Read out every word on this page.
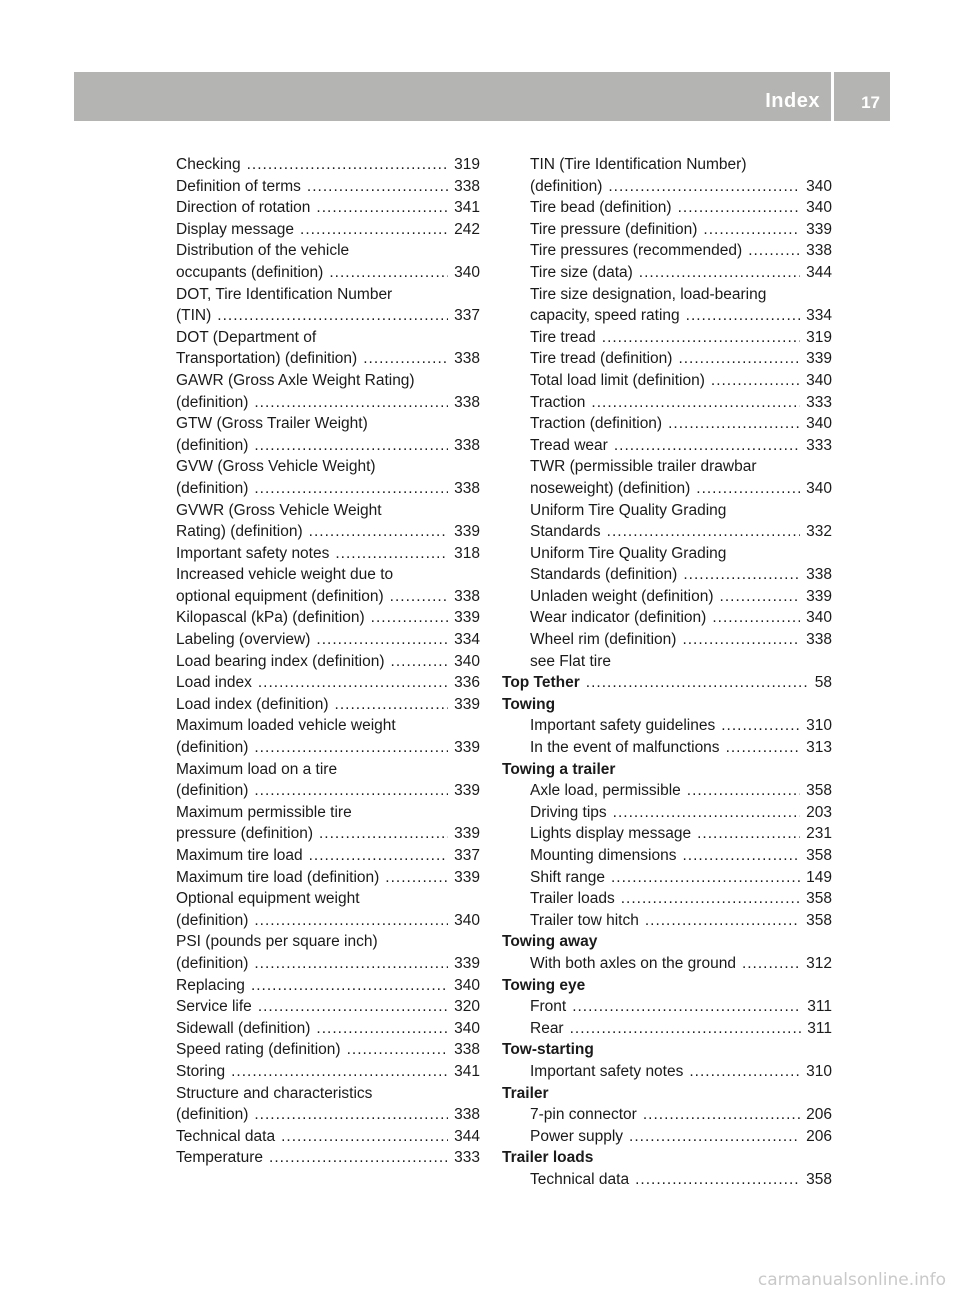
Index 17
Checking .....	319
Definition of terms .....	338
Direction of rotation .....	341
Display message .....	242
Distribution of the vehicle
occupants (definition) .....	340
DOT, Tire Identification Number
(TIN) .....	337
DOT (Department of
Transportation) (definition) .....	338
GAWR (Gross Axle Weight Rating)
(definition) .....	338
GTW (Gross Trailer Weight)
(definition) .....	338
GVW (Gross Vehicle Weight)
(definition) .....	338
GVWR (Gross Vehicle Weight
Rating) (definition) .....	339
Important safety notes .....	318
Increased vehicle weight due to
optional equipment (definition) .....	338
Kilopascal (kPa) (definition) .....	339
Labeling (overview) .....	334
Load bearing index (definition) .....	340
Load index .....	336
Load index (definition) .....	339
Maximum loaded vehicle weight
(definition) .....	339
Maximum load on a tire
(definition) .....	339
Maximum permissible tire
pressure (definition) .....	339
Maximum tire load .....	337
Maximum tire load (definition) .....	339
Optional equipment weight
(definition) .....	340
PSI (pounds per square inch)
(definition) .....	339
Replacing .....	340
Service life .....	320
Sidewall (definition) .....	340
Speed rating (definition) .....	338
Storing .....	341
Structure and characteristics
(definition) .....	338
Technical data .....	344
Temperature .....	333
TIN (Tire Identification Number)
(definition) .....	340
Tire bead (definition) .....	340
Tire pressure (definition) .....	339
Tire pressures (recommended) .....	338
Tire size (data) .....	344
Tire size designation, load-bearing
capacity, speed rating .....	334
Tire tread .....	319
Tire tread (definition) .....	339
Total load limit (definition) .....	340
Traction .....	333
Traction (definition) .....	340
Tread wear .....	333
TWR (permissible trailer drawbar
noseweight) (definition) .....	340
Uniform Tire Quality Grading
Standards .....	332
Uniform Tire Quality Grading
Standards (definition) .....	338
Unladen weight (definition) .....	339
Wear indicator (definition) .....	340
Wheel rim (definition) .....	338
see Flat tire
Top Tether .....	58
Towing
Important safety guidelines .....	310
In the event of malfunctions .....	313
Towing a trailer
Axle load, permissible .....	358
Driving tips .....	203
Lights display message .....	231
Mounting dimensions .....	358
Shift range .....	149
Trailer loads .....	358
Trailer tow hitch .....	358
Towing away
With both axles on the ground .....	312
Towing eye
Front .....	311
Rear .....	311
Tow-starting
Important safety notes .....	310
Trailer
7-pin connector .....	206
Power supply .....	206
Trailer loads
Technical data .....	358
carmanualsonline.info
